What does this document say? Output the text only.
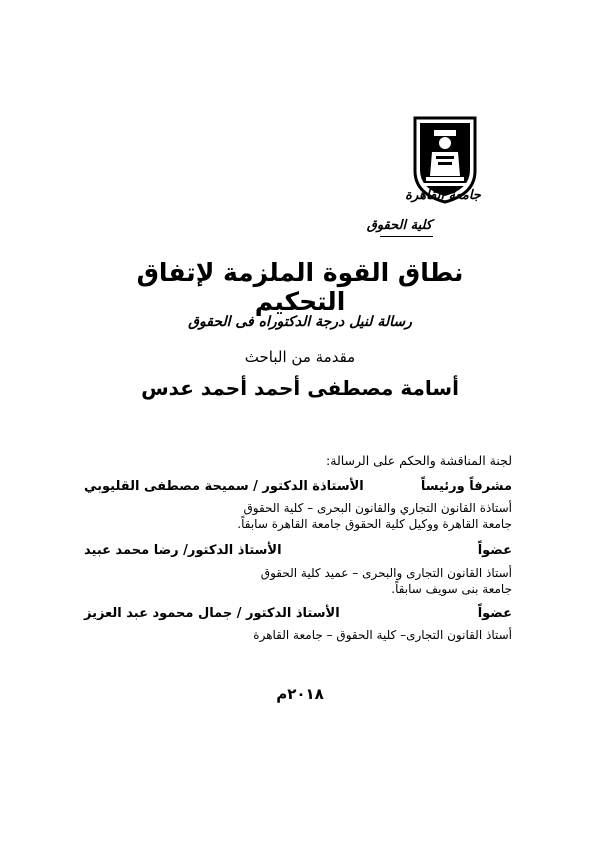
جامعة القاهرة
كلية الحقوق
نطاق القوة الملزمة لإتفاق التحكيم
رسالة لنيل درجة الدكتوراه فى الحقوق
مقدمة من الباحث
أسامة مصطفى أحمد أحمد عدس
لجنة المناقشة والحكم على الرسالة:
الأستاذة الدكتور / سميحة مصطفى القليوبي	مشرفاً ورئيساً
أستاذة القانون التجاري والقانون البحرى – كلية الحقوق
جامعة القاهرة ووكيل كلية الحقوق جامعة القاهرة سابقاً.
الأستاذ الدكتور/ رضا محمد عبيد	عضواً
أستاذ القانون التجارى والبحرى – عميد كلية الحقوق
جامعة بنى سويف سابقاً.
الأستاذ الدكتور / جمال محمود عبد العزيز	عضواً
أستاذ القانون التجارى– كلية الحقوق – جامعة القاهرة
٢٠١٨م
